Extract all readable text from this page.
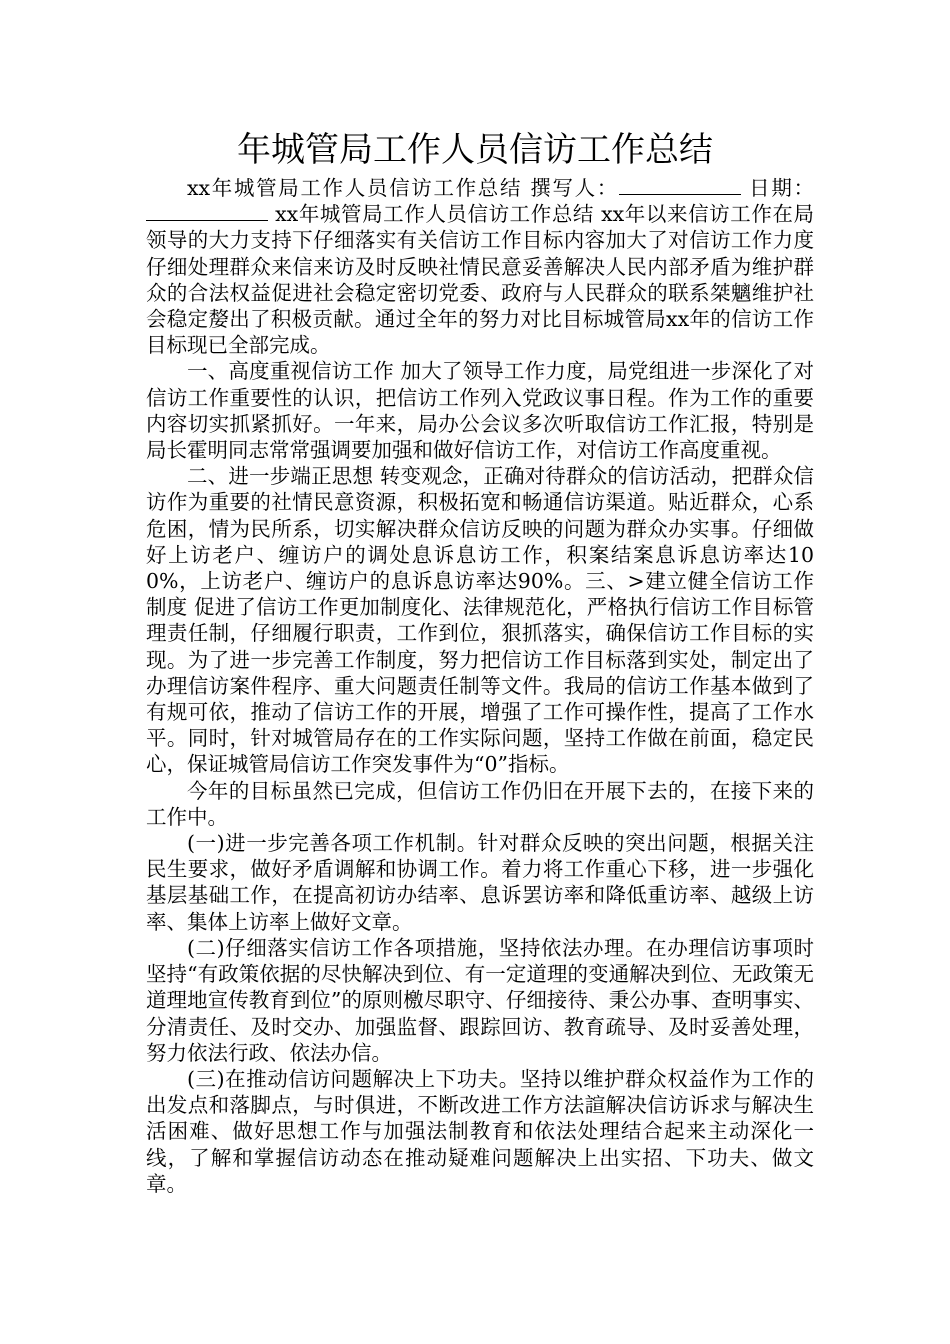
年城管局工作人员信访工作总结

xx年城管局工作人员信访工作总结 撰写人：	日期： xx年城管局工作人员信访工作总结 xx年以来信访工作在局领导的大力支持下仔细落实有关信访工作目标内容加大了对信访工作力度仔细处理群众来信来访及时反映社情民意妥善解决人民内部矛盾为维护群众的合法权益促进社会稳定密切党委、政府与人民群众的联系桀魑维护社会稳定嫠出了积极贡献。通过全年的努力对比目标城管局xx年的信访工作目标现已全部完成。

一、高度重视信访工作 加大了领导工作力度，局党组进一步深化了对信访工作重要性的认识，把信访工作列入党政议事日程。作为工作的重要内容切实抓紧抓好。一年来，局办公会议多次听取信访工作汇报，特别是局长霍明同志常常强调要加强和做好信访工作，对信访工作高度重视。

二、进一步端正思想 转变观念，正确对待群众的信访活动，把群众信访作为重要的社情民意资源，积极拓宽和畅通信访渠道。贴近群众，心系危困，情为民所系，切实解决群众信访反映的问题为群众办实事。仔细做好上访老户、缠访户的调处息诉息访工作，积案结案息诉息访率达100%，上访老户、缠访户的息诉息访率达90%。三、>建立健全信访工作制度 促进了信访工作更加制度化、法律规范化，严格执行信访工作目标管理责任制，仔细履行职责，工作到位，狠抓落实，确保信访工作目标的实现。为了进一步完善工作制度，努力把信访工作目标落到实处，制定出了办理信访案件程序、重大问题责任制等文件。我局的信访工作基本做到了有规可依，推动了信访工作的开展，增强了工作可操作性，提高了工作水平。同时，针对城管局存在的工作实际问题，坚持工作做在前面，稳定民心，保证城管局信访工作突发事件为“0”指标。

今年的目标虽然已完成，但信访工作仍旧在开展下去的，在接下来的工作中。

(一)进一步完善各项工作机制。针对群众反映的突出问题，根据关注民生要求，做好矛盾调解和协调工作。着力将工作重心下移，进一步强化基层基础工作，在提高初访办结率、息诉罢访率和降低重访率、越级上访率、集体上访率上做好文章。

(二)仔细落实信访工作各项措施，坚持依法办理。在办理信访事项时坚持“有政策依据的尽快解决到位、有一定道理的变通解决到位、无政策无道理地宣传教育到位”的原则檄尽职守、仔细接待、秉公办事、查明事实、分清责任、及时交办、加强监督、跟踪回访、教育疏导、及时妥善处理，努力依法行政、依法办信。

(三)在推动信访问题解决上下功夫。坚持以维护群众权益作为工作的出发点和落脚点，与时俱进，不断改进工作方法諠解决信访诉求与解决生活困难、做好思想工作与加强法制教育和依法处理结合起来主动深化一线，了解和掌握信访动态在推动疑难问题解决上出实招、下功夫、做文章。
